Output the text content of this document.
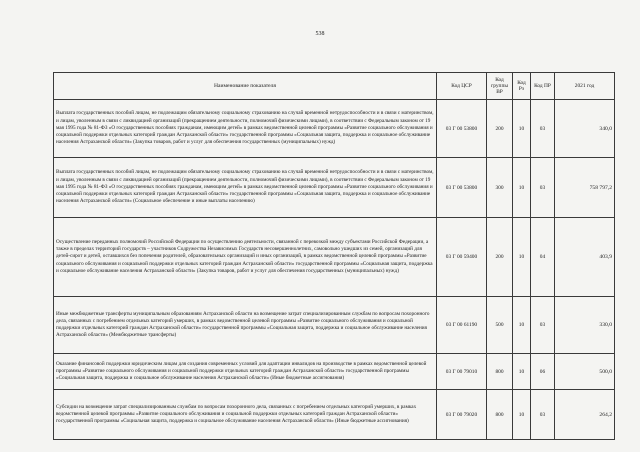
538
Наименование показателя	Код ЦСР	Код группы ВР	Код Рз	Код ПР	2021 год
Выплата государственных пособий лицам, не подлежащим обязательному социальному страхованию на случай временной нетрудоспособности и в связи с материнством, и лицам, уволенным в связи с ликвидацией организаций (прекращением деятельности, полномочий физическими лицами), в соответствии с Федеральным законом от 19 мая 1995 года № 81-ФЗ «О государственных пособиях гражданам, имеющим детей» в рамках ведомственной целевой программы «Развитие социального обслуживания и социальной поддержки отдельных категорий граждан Астраханской области» государственной программы «Социальная защита, поддержка и социальное обслуживание населения Астраханской области» (Закупка товаров, работ и услуг для обеспечения государственных (муниципальных) нужд)	03 Г 00 53800	200	10	03	340,0
Выплата государственных пособий лицам, не подлежащим обязательному социальному страхованию на случай временной нетрудоспособности и в связи с материнством, и лицам, уволенным в связи с ликвидацией организаций (прекращением деятельности, полномочий физическими лицами), в соответствии с Федеральным законом от 19 мая 1995 года № 81-ФЗ «О государственных пособиях гражданам, имеющим детей» в рамках ведомственной целевой программы «Развитие социального обслуживания и социальной поддержки отдельных категорий граждан Астраханской области» государственной программы «Социальная защита, поддержка и социальное обслуживание населения Астраханской области» (Социальное обеспечение и иные выплаты населению)	03 Г 00 53800	300	10	03	758 797,2
Осуществление переданных полномочий Российской Федерации по осуществлению деятельности, связанной с перевозкой между субъектами Российской Федерации, а также в пределах территорий государств – участников Содружества Независимых Государств несовершеннолетних, самовольно ушедших из семей, организаций для детей-сирот и детей, оставшихся без попечения родителей, образовательных организаций и иных организаций, в рамках ведомственной целевой программы «Развитие социального обслуживания и социальной поддержки отдельных категорий граждан Астраханской области» государственной программы «Социальная защита, поддержка и социальное обслуживание населения Астраханской области» (Закупка товаров, работ и услуг для обеспечения государственных (муниципальных) нужд)	03 Г 00 59400	200	10	04	403,9
Иные межбюджетные трансферты муниципальным образованиям Астраханской области на возмещение затрат специализированным службам по вопросам похоронного дела, связанных с погребением отдельных категорий умерших, в рамках ведомственной целевой программы «Развитие социального обслуживания и социальной поддержки отдельных категорий граждан Астраханской области» государственной программы «Социальная защита, поддержка и социальное обслуживание населения Астраханской области» (Межбюджетные трансферты)	03 Г 00 61190	500	10	03	330,0
Оказание финансовой поддержки юридическим лицам для создания современных условий для адаптации инвалидов на производстве в рамках ведомственной целевой программы «Развитие социального обслуживания и социальной поддержки отдельных категорий граждан Астраханской области» государственной программы «Социальная защита, поддержка и социальное обслуживание населения Астраханской области» (Иные бюджетные ассигнования)	03 Г 00 79010	800	10	06	500,0
Субсидии на возмещение затрат специализированным службам по вопросам похоронного дела, связанных с погребением отдельных категорий умерших, в рамках ведомственной целевой программы «Развитие социального обслуживания и социальной поддержки отдельных категорий граждан Астраханской области» государственной программы «Социальная защита, поддержка и социальное обслуживание населения Астраханской области» (Иные бюджетные ассигнования)	03 Г 00 79020	800	10	03	264,2
